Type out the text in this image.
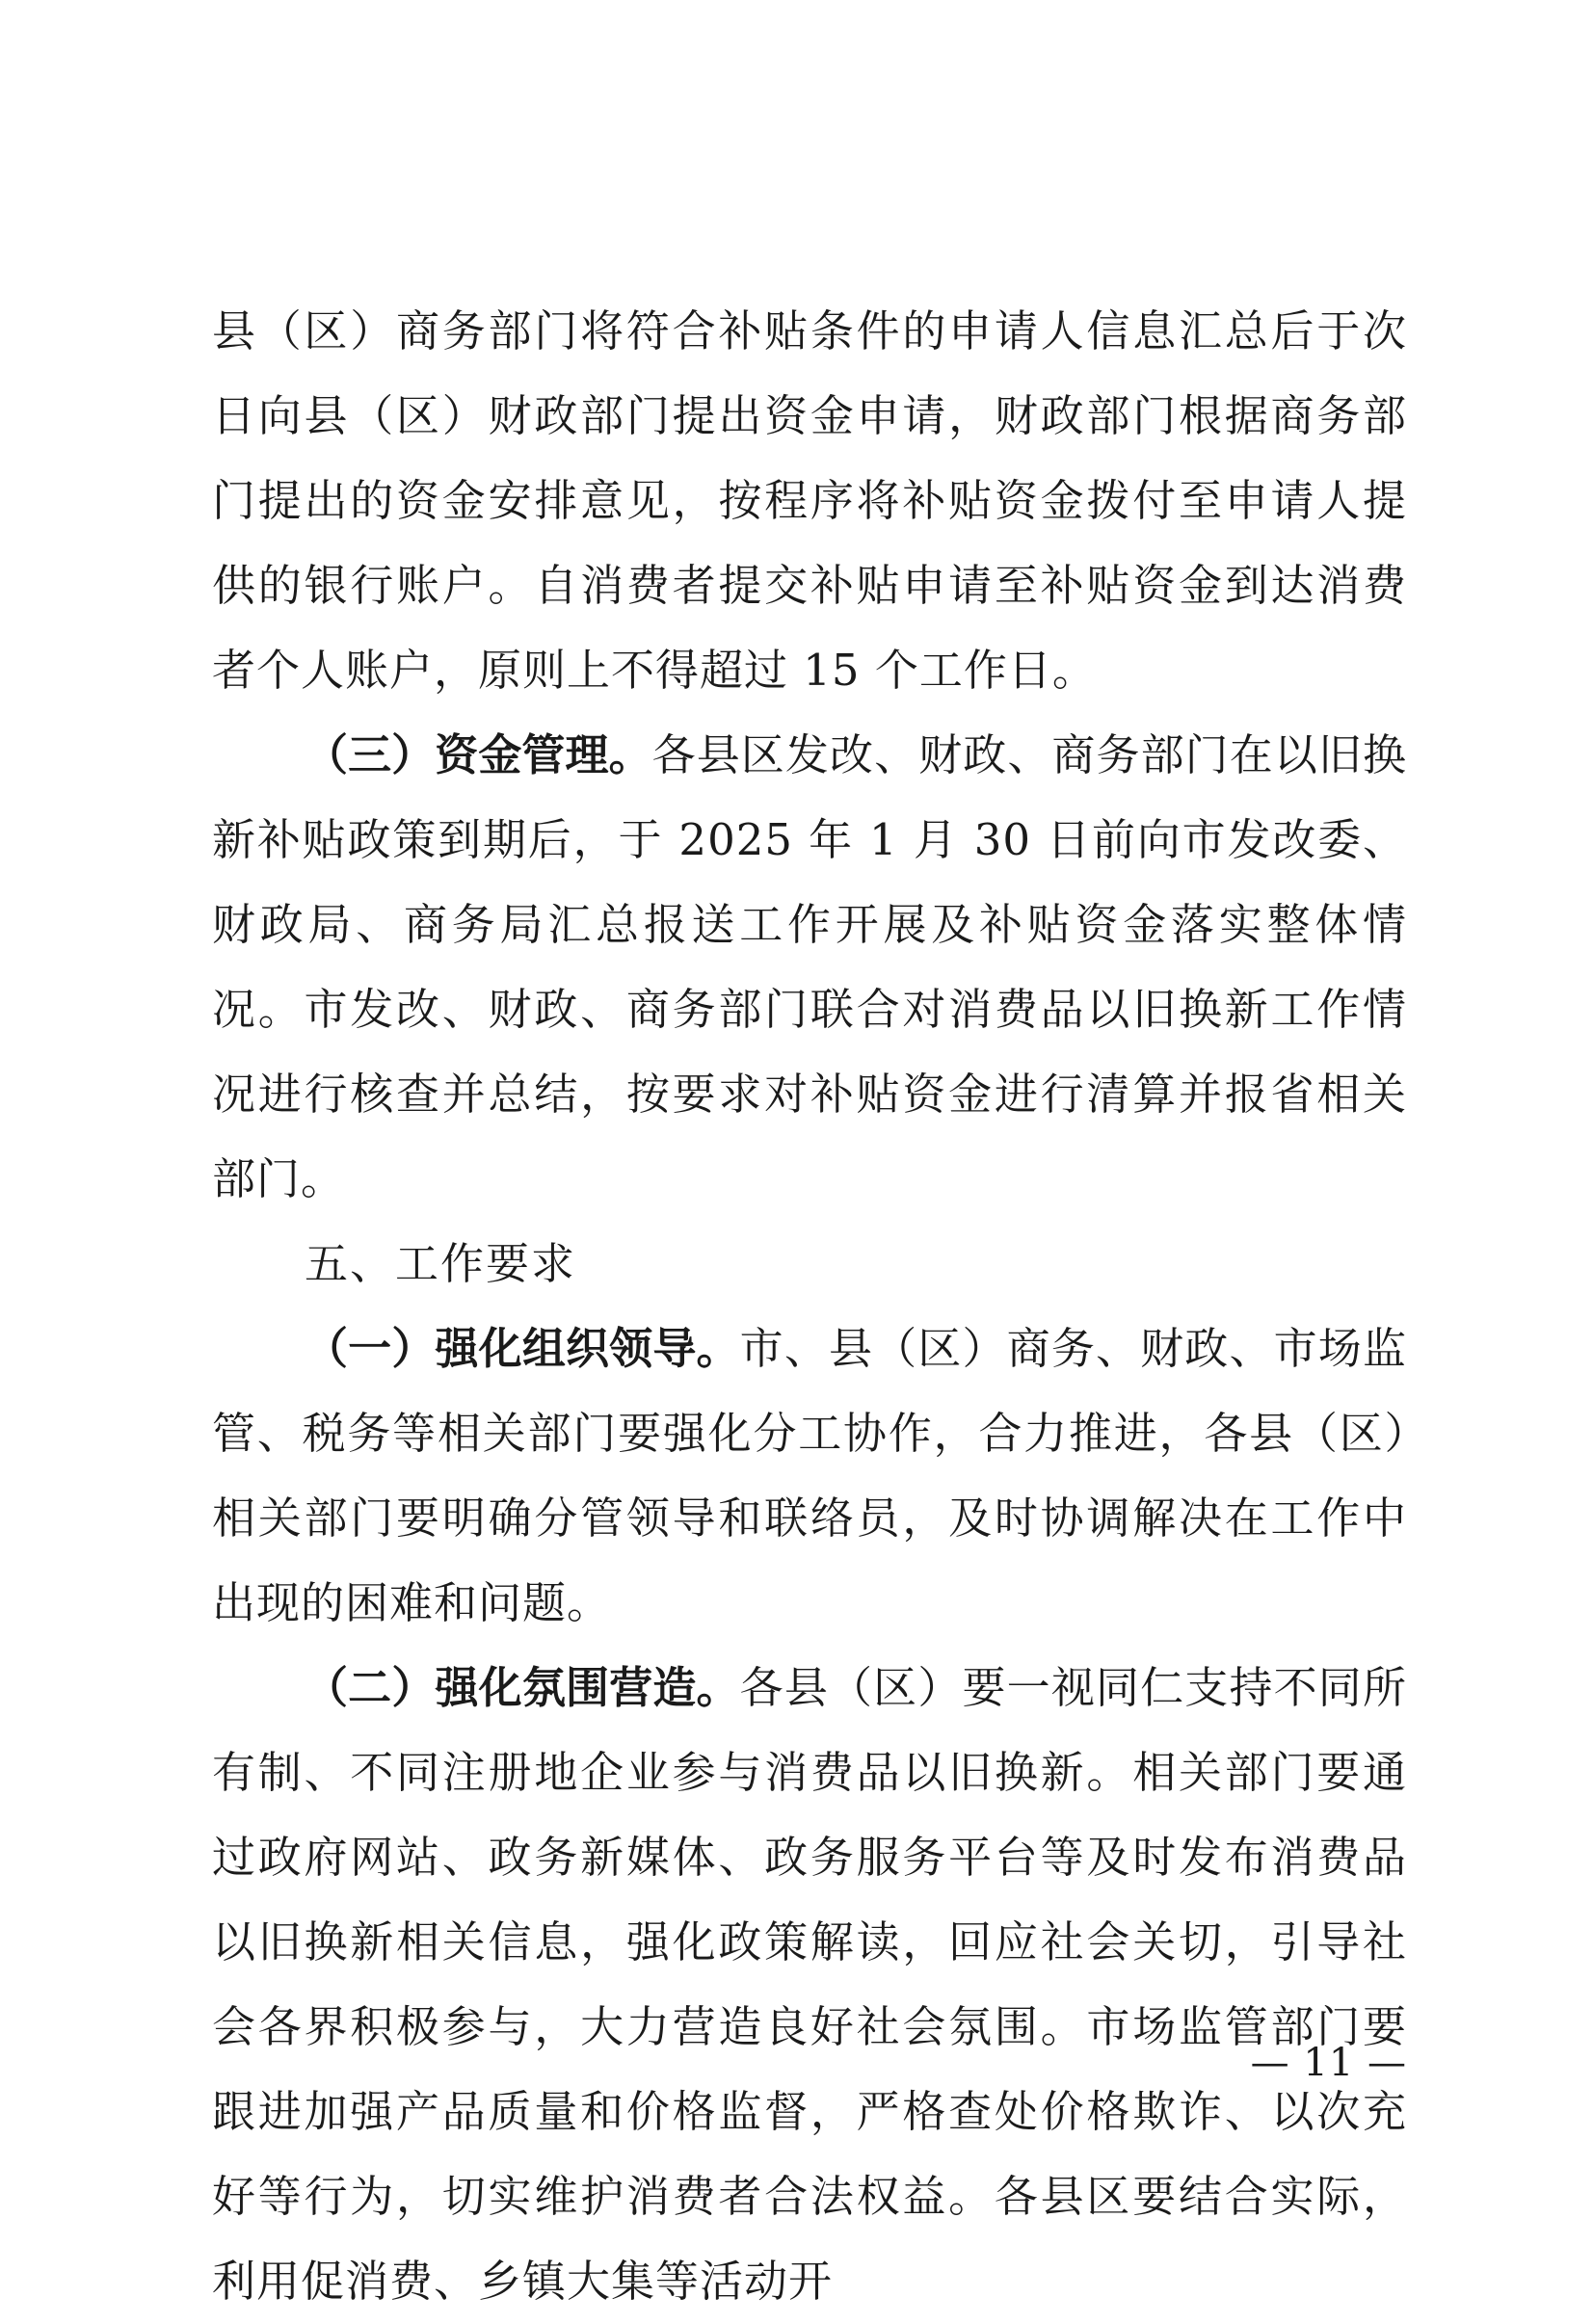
县（区）商务部门将符合补贴条件的申请人信息汇总后于次日向县（区）财政部门提出资金申请，财政部门根据商务部门提出的资金安排意见，按程序将补贴资金拨付至申请人提供的银行账户。自消费者提交补贴申请至补贴资金到达消费者个人账户，原则上不得超过 15 个工作日。

（三）资金管理。各县区发改、财政、商务部门在以旧换新补贴政策到期后，于 2025 年 1 月 30 日前向市发改委、财政局、商务局汇总报送工作开展及补贴资金落实整体情况。市发改、财政、商务部门联合对消费品以旧换新工作情况进行核查并总结，按要求对补贴资金进行清算并报省相关部门。

五、工作要求

（一）强化组织领导。市、县（区）商务、财政、市场监管、税务等相关部门要强化分工协作，合力推进，各县（区）相关部门要明确分管领导和联络员，及时协调解决在工作中出现的困难和问题。

（二）强化氛围营造。各县（区）要一视同仁支持不同所有制、不同注册地企业参与消费品以旧换新。相关部门要通过政府网站、政务新媒体、政务服务平台等及时发布消费品以旧换新相关信息，强化政策解读，回应社会关切，引导社会各界积极参与，大力营造良好社会氛围。市场监管部门要跟进加强产品质量和价格监督，严格查处价格欺诈、以次充好等行为，切实维护消费者合法权益。各县区要结合实际，利用促消费、乡镇大集等活动开

— 11 —
